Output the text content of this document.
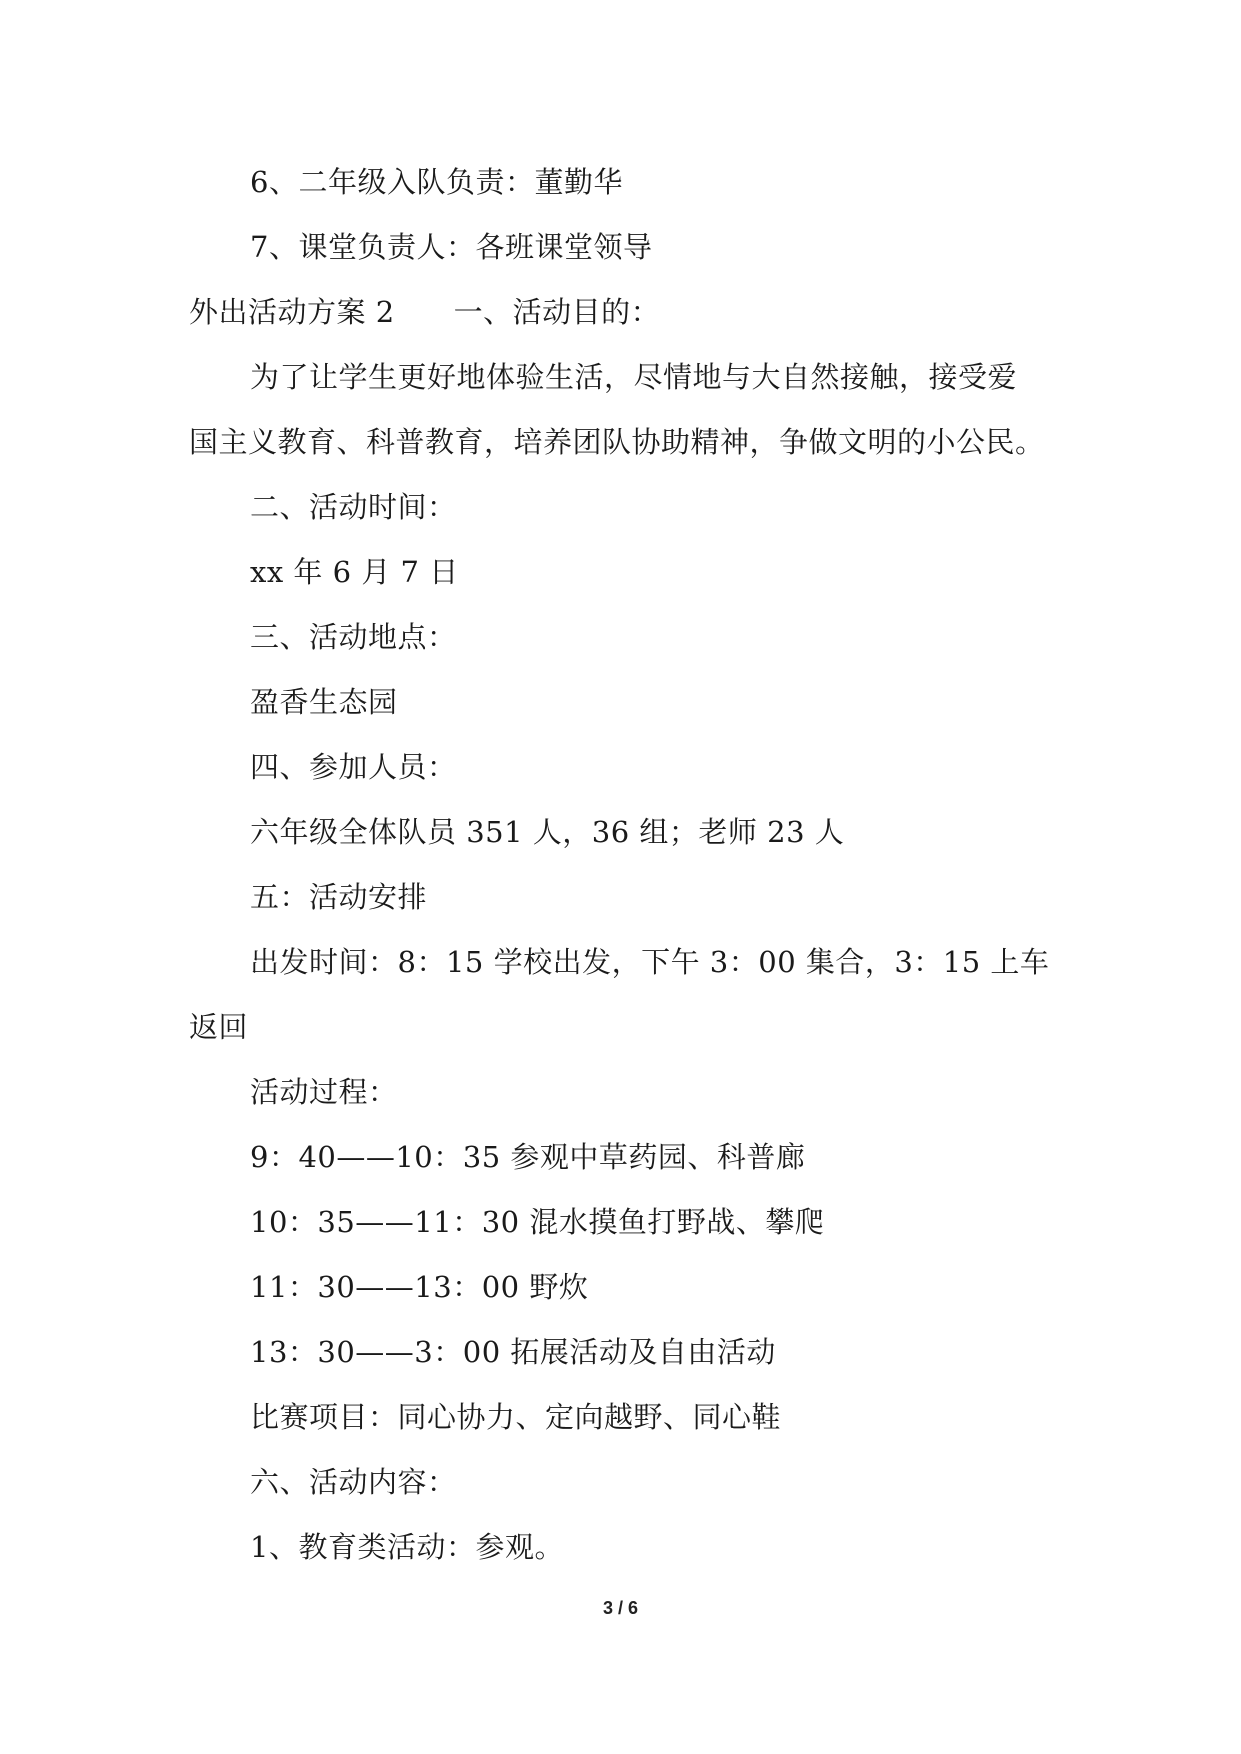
6、二年级入队负责：董勤华
7、课堂负责人：各班课堂领导
外出活动方案 2　　一、活动目的：
为了让学生更好地体验生活，尽情地与大自然接触，接受爱
国主义教育、科普教育，培养团队协助精神，争做文明的小公民。
二、活动时间：
xx 年 6 月 7 日
三、活动地点：
盈香生态园
四、参加人员：
六年级全体队员 351 人，36 组；老师 23 人
五：活动安排
出发时间：8：15 学校出发，下午 3：00 集合，3：15 上车
返回
活动过程：
9：40——10：35 参观中草药园、科普廊
10：35——11：30 混水摸鱼打野战、攀爬
11：30——13：00 野炊
13：30——3：00 拓展活动及自由活动
比赛项目：同心协力、定向越野、同心鞋
六、活动内容：
1、教育类活动：参观。
3 / 6
